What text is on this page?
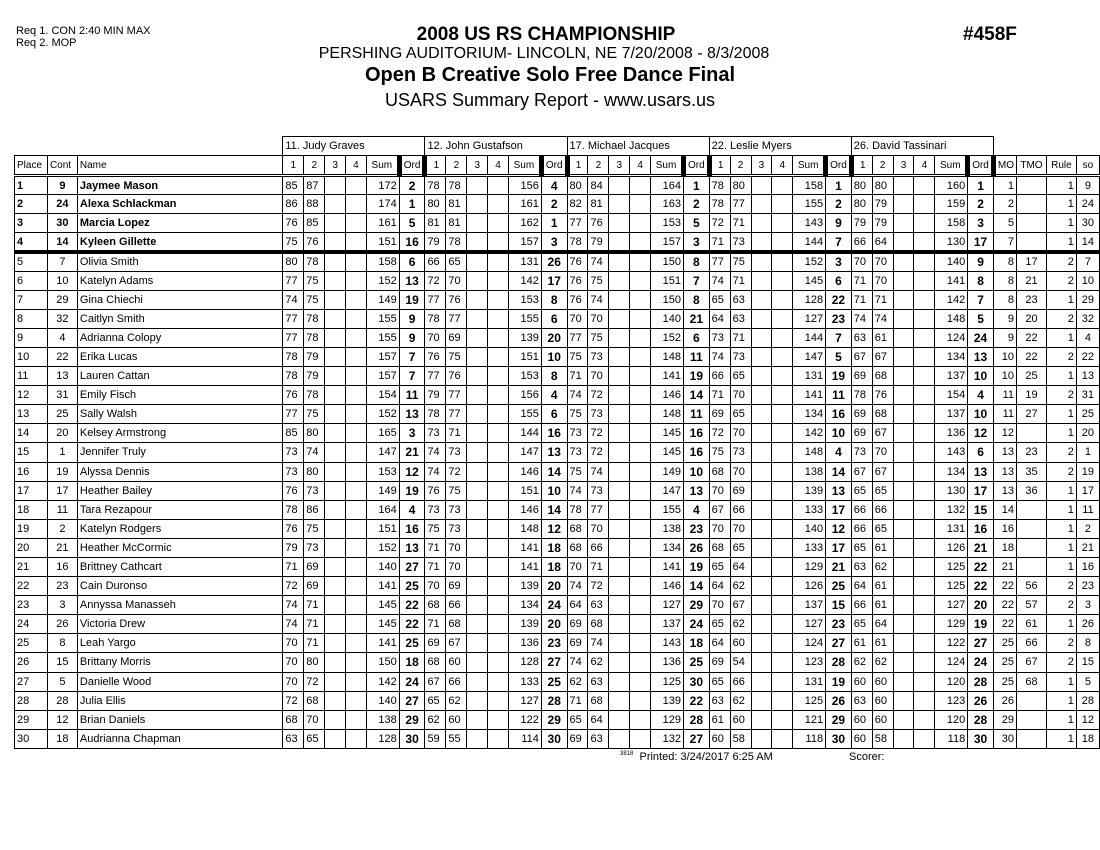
Req 1. CON 2:40 MIN MAX
Req 2. MOP	2008 US RS CHAMPIONSHIP
PERSHING AUDITORIUM- LINCOLN, NE 7/20/2008 - 8/3/2008
Open B Creative Solo Free Dance Final
USARS Summary Report - www.usars.us
#458F
			11. Judy Graves						12. John Gustafson						17. Michael Jacques						22. Leslie Myers						26. David Tassinari									
Place	Cont	Name	1	2	3	4	Sum	Ord	1	2	3	4	Sum	Ord	1	2	3	4	Sum	Ord	1	2	3	4	Sum	Ord	1	2	3	4	Sum	Ord	MO	TMO	Rule	so
1	9	Jaymee Mason	85	87			172	2	78	78			156	4	80	84			164	1	78	80			158	1	80	80			160	1	1		1	9
2	24	Alexa Schlackman	86	88			174	1	80	81			161	2	82	81			163	2	78	77			155	2	80	79			159	2	2		1	24
3	30	Marcia Lopez	76	85			161	5	81	81			162	1	77	76			153	5	72	71			143	9	79	79			158	3	5		1	30
4	14	Kyleen Gillette	75	76			151	16	79	78			157	3	78	79			157	3	71	73			144	7	66	64			130	17	7		1	14
5	7	Olivia Smith	80	78			158	6	66	65			131	26	76	74			150	8	77	75			152	3	70	70			140	9	8	17	2	7
6	10	Katelyn Adams	77	75			152	13	72	70			142	17	76	75			151	7	74	71			145	6	71	70			141	8	8	21	2	10
7	29	Gina Chiechi	74	75			149	19	77	76			153	8	76	74			150	8	65	63			128	22	71	71			142	7	8	23	1	29
8	32	Caitlyn Smith	77	78			155	9	78	77			155	6	70	70			140	21	64	63			127	23	74	74			148	5	9	20	2	32
9	4	Adrianna Colopy	77	78			155	9	70	69			139	20	77	75			152	6	73	71			144	7	63	61			124	24	9	22	1	4
10	22	Erika Lucas	78	79			157	7	76	75			151	10	75	73			148	11	74	73			147	5	67	67			134	13	10	22	2	22
11	13	Lauren Cattan	78	79			157	7	77	76			153	8	71	70			141	19	66	65			131	19	69	68			137	10	10	25	1	13
12	31	Emily Fisch	76	78			154	11	79	77			156	4	74	72			146	14	71	70			141	11	78	76			154	4	11	19	2	31
13	25	Sally Walsh	77	75			152	13	78	77			155	6	75	73			148	11	69	65			134	16	69	68			137	10	11	27	1	25
14	20	Kelsey Armstrong	85	80			165	3	73	71			144	16	73	72			145	16	72	70			142	10	69	67			136	12	12		1	20
15	1	Jennifer Truly	73	74			147	21	74	73			147	13	73	72			145	16	75	73			148	4	73	70			143	6	13	23	2	1
16	19	Alyssa Dennis	73	80			153	12	74	72			146	14	75	74			149	10	68	70			138	14	67	67			134	13	13	35	2	19
17	17	Heather Bailey	76	73			149	19	76	75			151	10	74	73			147	13	70	69			139	13	65	65			130	17	13	36	1	17
18	11	Tara Rezapour	78	86			164	4	73	73			146	14	78	77			155	4	67	66			133	17	66	66			132	15	14		1	11
19	2	Katelyn Rodgers	76	75			151	16	75	73			148	12	68	70			138	23	70	70			140	12	66	65			131	16	16		1	2
20	21	Heather McCormic	79	73			152	13	71	70			141	18	68	66			134	26	68	65			133	17	65	61			126	21	18		1	21
21	16	Brittney Cathcart	71	69			140	27	71	70			141	18	70	71			141	19	65	64			129	21	63	62			125	22	21		1	16
22	23	Cain Duronso	72	69			141	25	70	69			139	20	74	72			146	14	64	62			126	25	64	61			125	22	22	56	2	23
23	3	Annyssa Manasseh	74	71			145	22	68	66			134	24	64	63			127	29	70	67			137	15	66	61			127	20	22	57	2	3
24	26	Victoria Drew	74	71			145	22	71	68			139	20	69	68			137	24	65	62			127	23	65	64			129	19	22	61	1	26
25	8	Leah Yargo	70	71			141	25	69	67			136	23	69	74			143	18	64	60			124	27	61	61			122	27	25	66	2	8
26	15	Brittany Morris	70	80			150	18	68	60			128	27	74	62			136	25	69	54			123	28	62	62			124	24	25	67	2	15
27	5	Danielle Wood	70	72			142	24	67	66			133	25	62	63			125	30	65	66			131	19	60	60			120	28	25	68	1	5
28	28	Julia Ellis	72	68			140	27	65	62			127	28	71	68			139	22	63	62			125	26	63	60			123	26	26		1	28
29	12	Brian Daniels	68	70			138	29	62	60			122	29	65	64			129	28	61	60			121	29	60	60			120	28	29		1	12
30	18	Audrianna Chapman	63	65			128	30	59	55			114	30	69	63			132	27	60	58			118	30	60	58			118	30	30		1	18
$^{3818}$ Printed: 3/24/2017 6:25 AM	Scorer:
